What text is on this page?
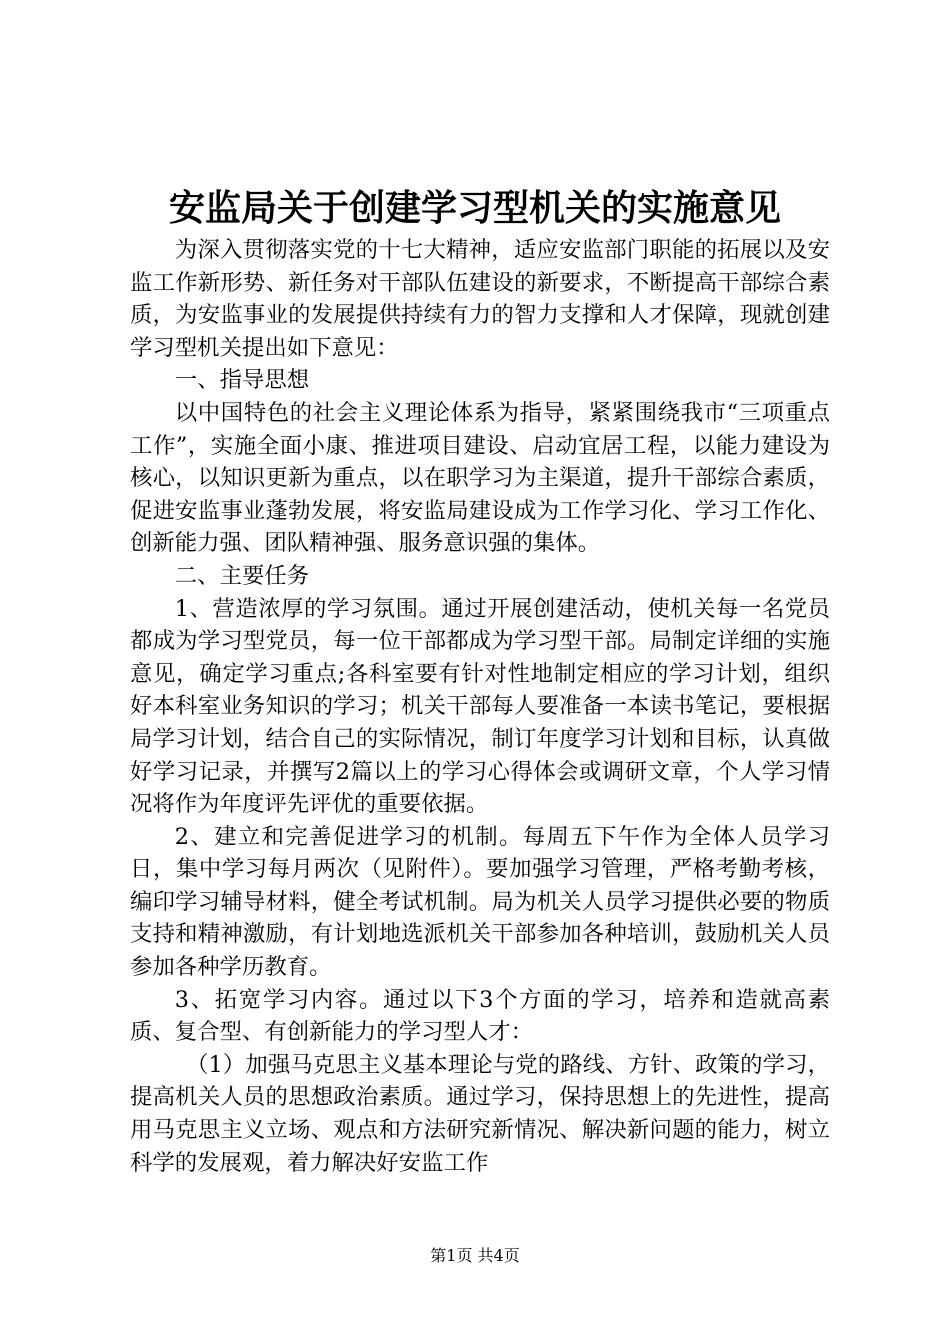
安监局关于创建学习型机关的实施意见

为深入贯彻落实党的十七大精神，适应安监部门职能的拓展以及安监工作新形势、新任务对干部队伍建设的新要求，不断提高干部综合素质，为安监事业的发展提供持续有力的智力支撑和人才保障，现就创建学习型机关提出如下意见：

一、指导思想

以中国特色的社会主义理论体系为指导，紧紧围绕我市“三项重点工作”，实施全面小康、推进项目建设、启动宜居工程，以能力建设为核心，以知识更新为重点，以在职学习为主渠道，提升干部综合素质，促进安监事业蓬勃发展，将安监局建设成为工作学习化、学习工作化、创新能力强、团队精神强、服务意识强的集体。

二、主要任务

1、营造浓厚的学习氛围。通过开展创建活动，使机关每一名党员都成为学习型党员，每一位干部都成为学习型干部。局制定详细的实施意见，确定学习重点;各科室要有针对性地制定相应的学习计划，组织好本科室业务知识的学习；机关干部每人要准备一本读书笔记，要根据局学习计划，结合自己的实际情况，制订年度学习计划和目标，认真做好学习记录，并撰写2篇以上的学习心得体会或调研文章，个人学习情况将作为年度评先评优的重要依据。

2、建立和完善促进学习的机制。每周五下午作为全体人员学习日，集中学习每月两次（见附件）。要加强学习管理，严格考勤考核，编印学习辅导材料，健全考试机制。局为机关人员学习提供必要的物质支持和精神激励，有计划地选派机关干部参加各种培训，鼓励机关人员参加各种学历教育。

3、拓宽学习内容。通过以下3个方面的学习，培养和造就高素质、复合型、有创新能力的学习型人才：

（1）加强马克思主义基本理论与党的路线、方针、政策的学习，提高机关人员的思想政治素质。通过学习，保持思想上的先进性，提高用马克思主义立场、观点和方法研究新情况、解决新问题的能力，树立科学的发展观，着力解决好安监工作

第1页 共4页
